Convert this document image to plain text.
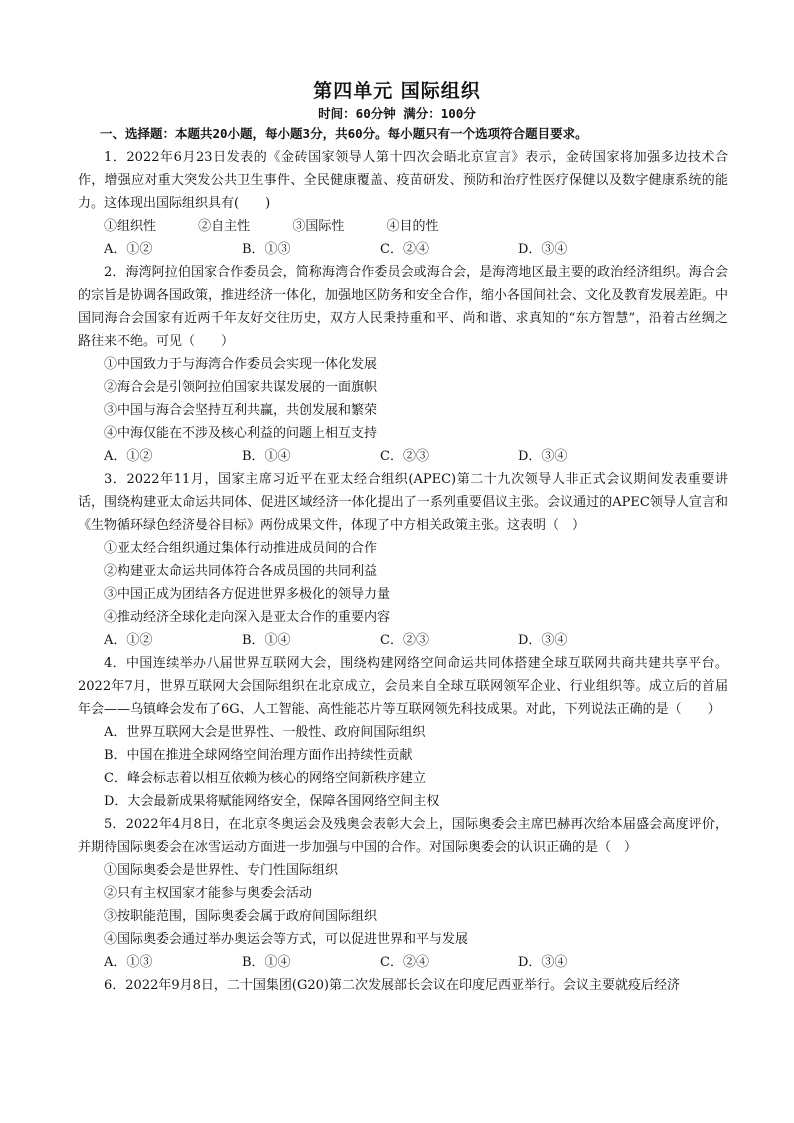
第四单元 国际组织
时间：60分钟 满分：100分
一、选择题：本题共20小题，每小题3分，共60分。每小题只有一个选项符合题目要求。

1．2022年6月23日发表的《金砖国家领导人第十四次会晤北京宣言》表示，金砖国家将加强多边技术合作，增强应对重大突发公共卫生事件、全民健康覆盖、疫苗研发、预防和治疗性医疗保健以及数字健康系统的能力。这体现出国际组织具有(　　)

①组织性	②自主性	③国际性	④目的性
A．①②	B．①③	C．②④	D．③④

2．海湾阿拉伯国家合作委员会，简称海湾合作委员会或海合会，是海湾地区最主要的政治经济组织。海合会的宗旨是协调各国政策，推进经济一体化，加强地区防务和安全合作，缩小各国间社会、文化及教育发展差距。中国同海合会国家有近两千年友好交往历史，双方人民秉持重和平、尚和谐、求真知的“东方智慧”，沿着古丝绸之路往来不绝。可见（　　）

①中国致力于与海湾合作委员会实现一体化发展
②海合会是引领阿拉伯国家共谋发展的一面旗帜
③中国与海合会坚持互利共赢，共创发展和繁荣
④中海仅能在不涉及核心利益的问题上相互支持
A．①②	B．①④	C．②③	D．③④

3．2022年11月，国家主席习近平在亚太经合组织(APEC)第二十九次领导人非正式会议期间发表重要讲话，围绕构建亚太命运共同体、促进区域经济一体化提出了一系列重要倡议主张。会议通过的APEC领导人宣言和《生物循环绿色经济曼谷目标》两份成果文件，体现了中方相关政策主张。这表明（　）

①亚太经合组织通过集体行动推进成员间的合作
②构建亚太命运共同体符合各成员国的共同利益
③中国正成为团结各方促进世界多极化的领导力量
④推动经济全球化走向深入是亚太合作的重要内容
A．①②	B．①④	C．②③	D．③④

4．中国连续举办八届世界互联网大会，围绕构建网络空间命运共同体搭建全球互联网共商共建共享平台。2022年7月，世界互联网大会国际组织在北京成立，会员来自全球互联网领军企业、行业组织等。成立后的首届年会——乌镇峰会发布了6G、人工智能、高性能芯片等互联网领先科技成果。对此，下列说法正确的是（　　）

A．世界互联网大会是世界性、一般性、政府间国际组织
B．中国在推进全球网络空间治理方面作出持续性贡献
C．峰会标志着以相互依赖为核心的网络空间新秩序建立
D．大会最新成果将赋能网络安全，保障各国网络空间主权

5．2022年4月8日，在北京冬奥运会及残奥会表彰大会上，国际奥委会主席巴赫再次给本届盛会高度评价，并期待国际奥委会在冰雪运动方面进一步加强与中国的合作。对国际奥委会的认识正确的是（　）

①国际奥委会是世界性、专门性国际组织
②只有主权国家才能参与奥委会活动
③按职能范围，国际奥委会属于政府间国际组织
④国际奥委会通过举办奥运会等方式，可以促进世界和平与发展
A．①③	B．①④	C．②④	D．③④

6．2022年9月8日，二十国集团(G20)第二次发展部长会议在印度尼西亚举行。会议主要就疫后经济
